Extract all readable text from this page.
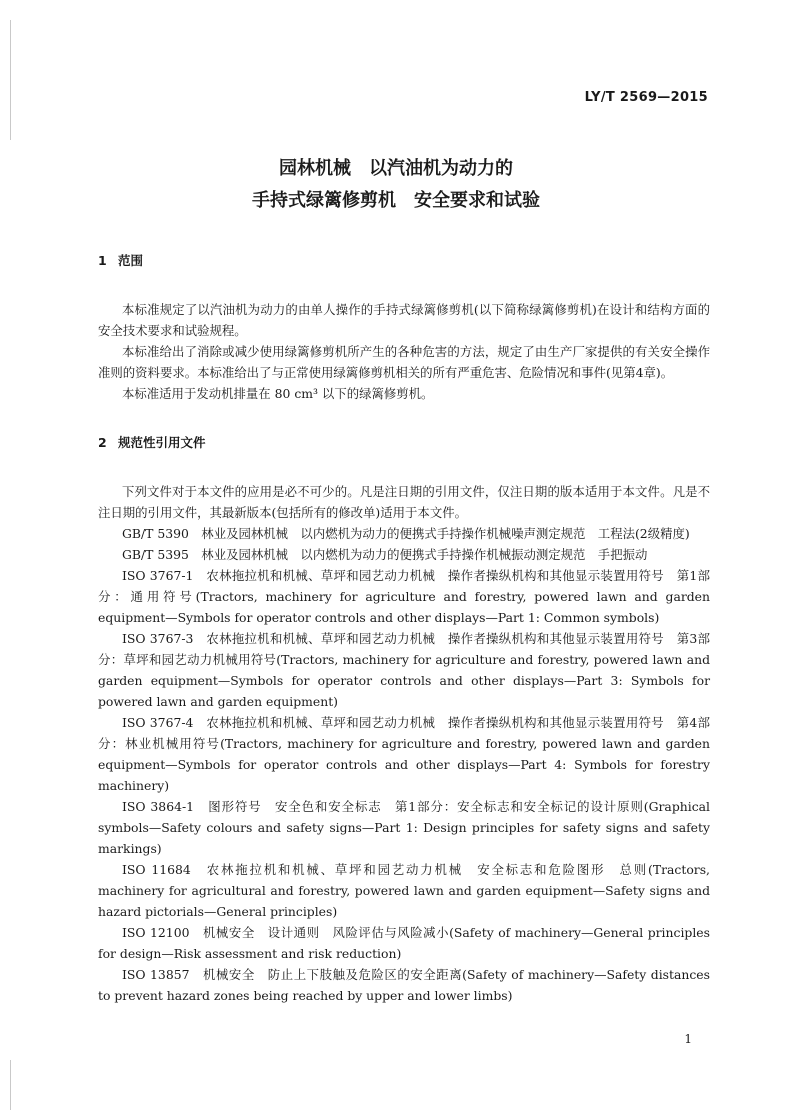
LY/T 2569—2015
园林机械　以汽油机为动力的
手持式绿篱修剪机　安全要求和试验
1 范围

本标准规定了以汽油机为动力的由单人操作的手持式绿篱修剪机(以下简称绿篱修剪机)在设计和结构方面的安全技术要求和试验规程。

本标准给出了消除或减少使用绿篱修剪机所产生的各种危害的方法，规定了由生产厂家提供的有关安全操作准则的资料要求。本标准给出了与正常使用绿篱修剪机相关的所有严重危害、危险情况和事件(见第4章)。

本标准适用于发动机排量在 80 cm³ 以下的绿篱修剪机。

2 规范性引用文件

下列文件对于本文件的应用是必不可少的。凡是注日期的引用文件，仅注日期的版本适用于本文件。凡是不注日期的引用文件，其最新版本(包括所有的修改单)适用于本文件。

GB/T 5390　林业及园林机械　以内燃机为动力的便携式手持操作机械噪声测定规范　工程法(2级精度)

GB/T 5395　林业及园林机械　以内燃机为动力的便携式手持操作机械振动测定规范　手把振动

ISO 3767-1　农林拖拉机和机械、草坪和园艺动力机械　操作者操纵机构和其他显示装置用符号　第1部分：通用符号(Tractors, machinery for agriculture and forestry, powered lawn and garden equipment—Symbols for operator controls and other displays—Part 1: Common symbols)

ISO 3767-3　农林拖拉机和机械、草坪和园艺动力机械　操作者操纵机构和其他显示装置用符号　第3部分：草坪和园艺动力机械用符号(Tractors, machinery for agriculture and forestry, powered lawn and garden equipment—Symbols for operator controls and other displays—Part 3: Symbols for powered lawn and garden equipment)

ISO 3767-4　农林拖拉机和机械、草坪和园艺动力机械　操作者操纵机构和其他显示装置用符号　第4部分：林业机械用符号(Tractors, machinery for agriculture and forestry, powered lawn and garden equipment—Symbols for operator controls and other displays—Part 4: Symbols for forestry machinery)

ISO 3864-1　图形符号　安全色和安全标志　第1部分：安全标志和安全标记的设计原则(Graphical symbols—Safety colours and safety signs—Part 1: Design principles for safety signs and safety markings)

ISO 11684　农林拖拉机和机械、草坪和园艺动力机械　安全标志和危险图形　总则(Tractors, machinery for agricultural and forestry, powered lawn and garden equipment—Safety signs and hazard pictorials—General principles)

ISO 12100　机械安全　设计通则　风险评估与风险减小(Safety of machinery—General principles for design—Risk assessment and risk reduction)

ISO 13857　机械安全　防止上下肢触及危险区的安全距离(Safety of machinery—Safety distances to prevent hazard zones being reached by upper and lower limbs)

1
